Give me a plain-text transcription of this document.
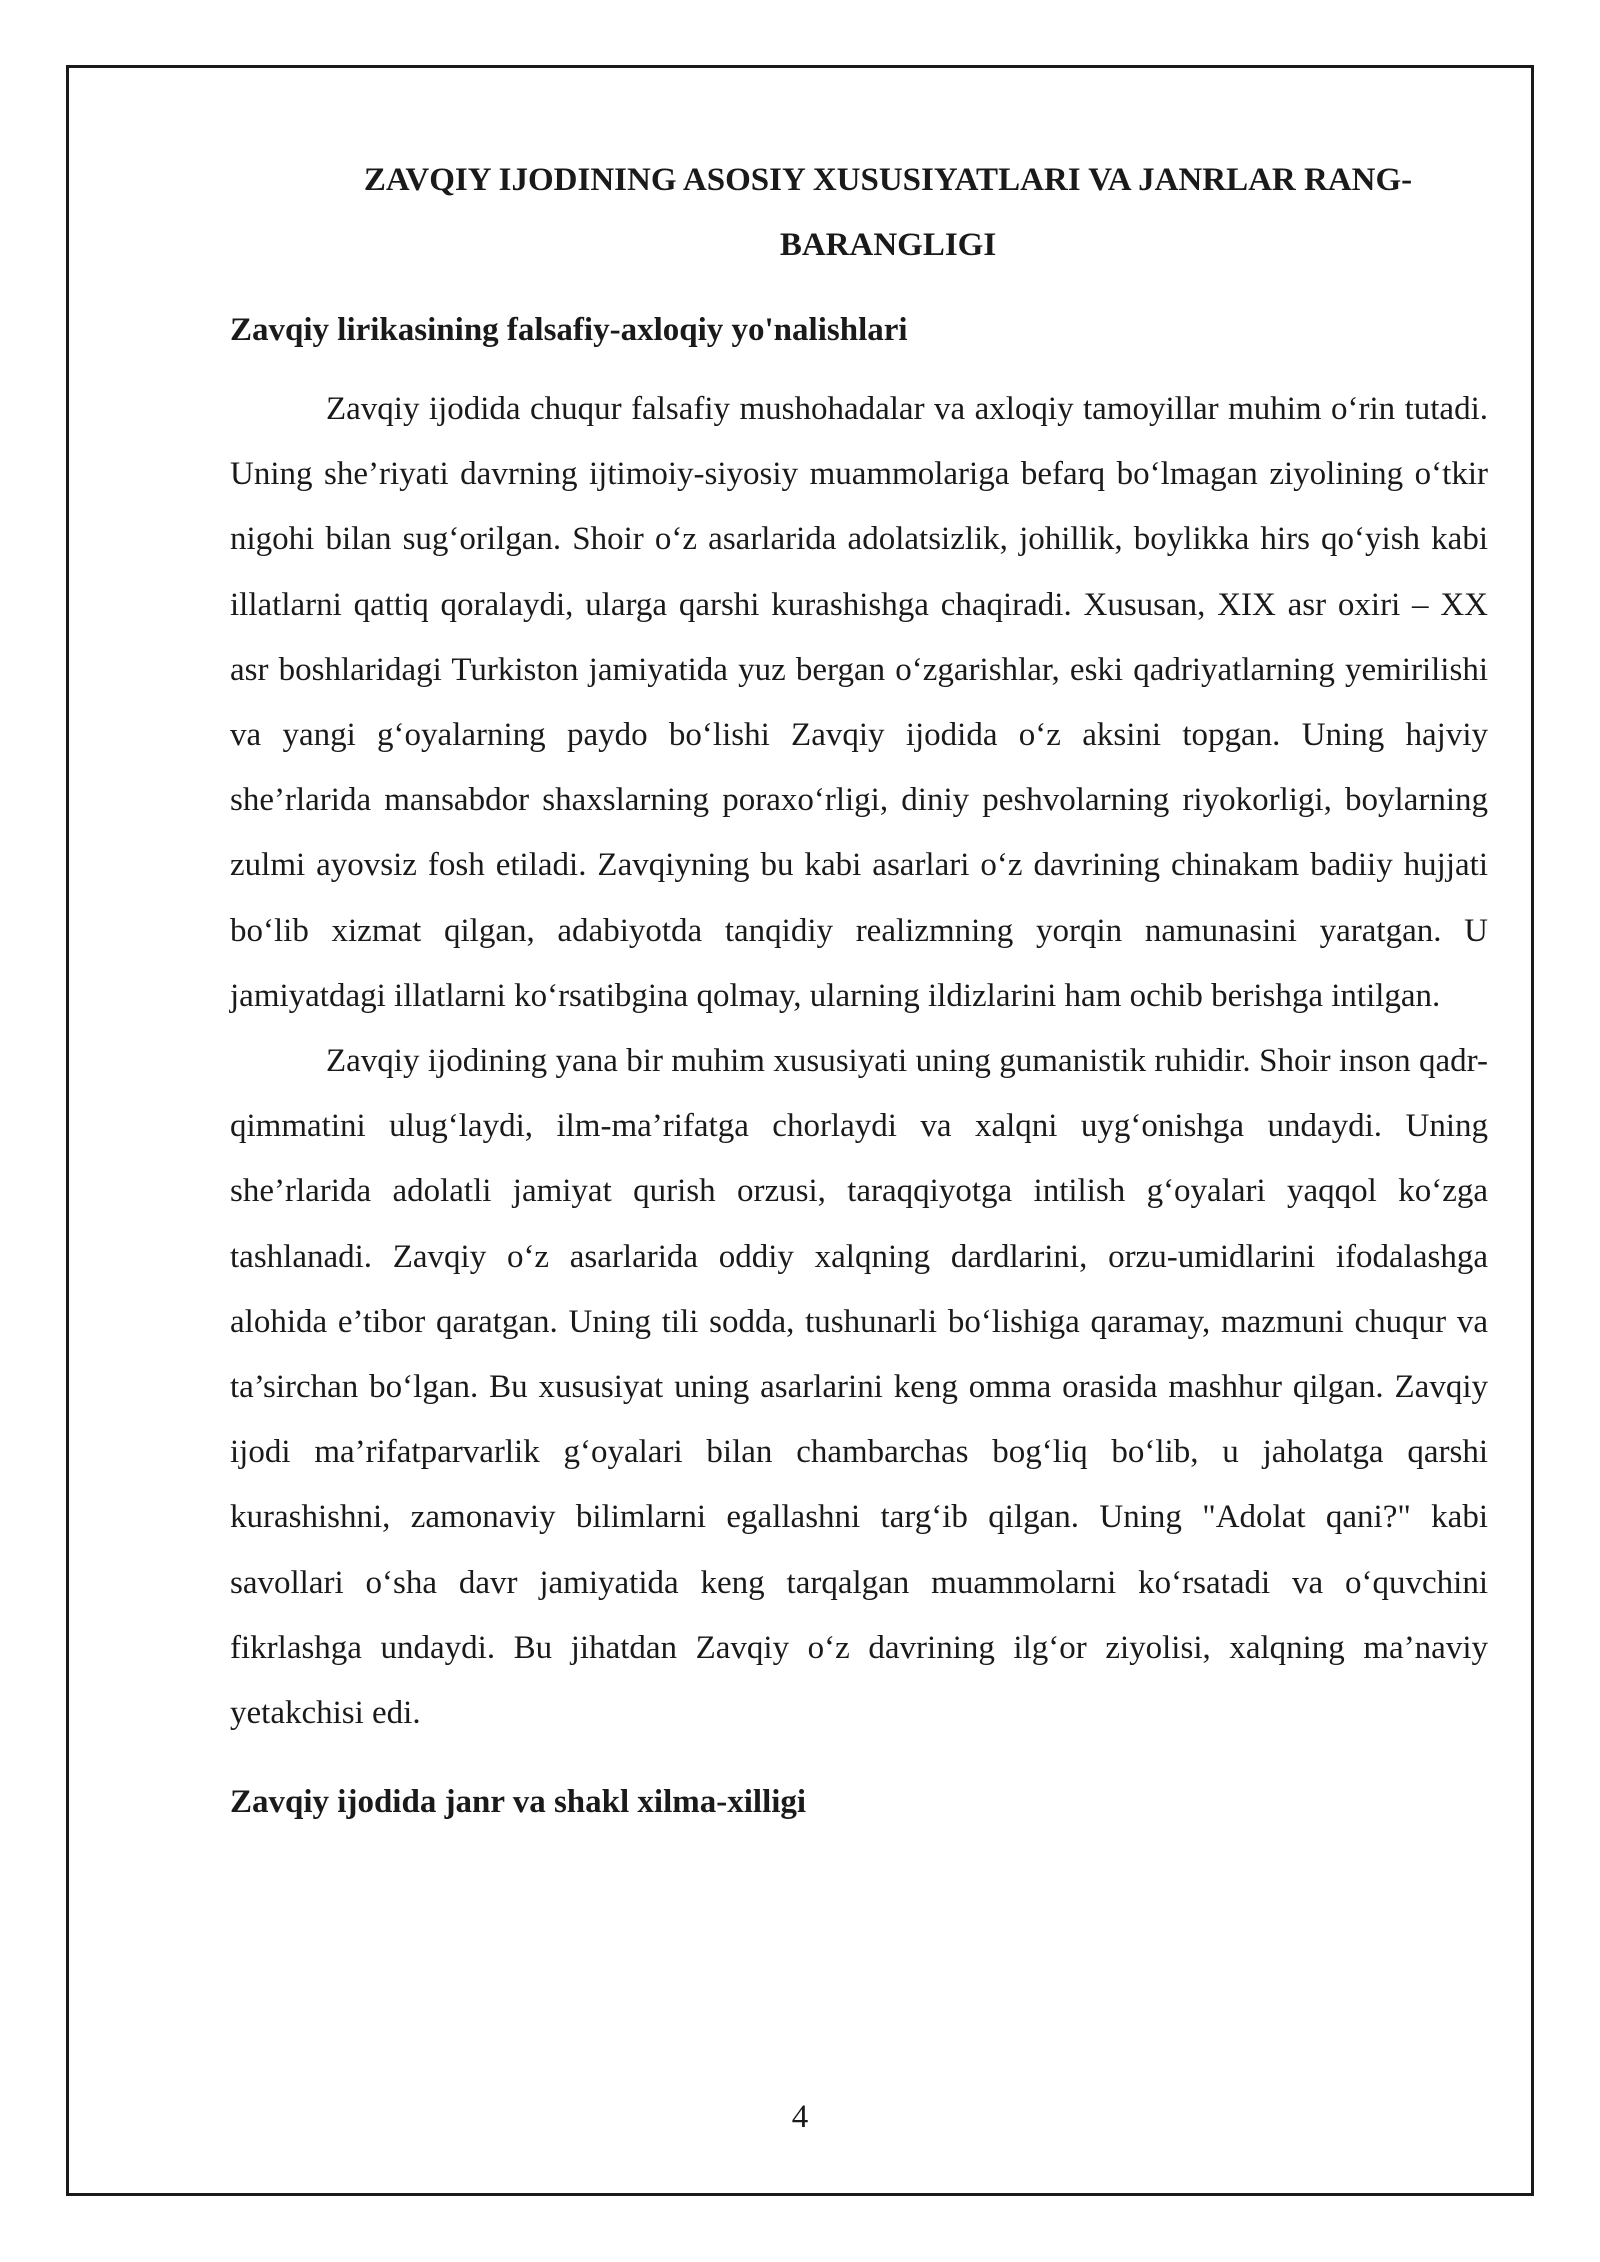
ZAVQIY IJODINING ASOSIY XUSUSIYATLARI VA JANRLAR RANG-BARANGLIGI
Zavqiy lirikasining falsafiy-axloqiy yo'nalishlari

Zavqiy ijodida chuqur falsafiy mushohadalar va axloqiy tamoyillar muhim o‘rin tutadi. Uning she’riyati davrning ijtimoiy-siyosiy muammolariga befarq bo‘lmagan ziyolining o‘tkir nigohi bilan sug‘orilgan. Shoir o‘z asarlarida adolatsizlik, johillik, boylikka hirs qo‘yish kabi illatlarni qattiq qoralaydi, ularga qarshi kurashishga chaqiradi. Xususan, XIX asr oxiri – XX asr boshlaridagi Turkiston jamiyatida yuz bergan o‘zgarishlar, eski qadriyatlarning yemirilishi va yangi g‘oyalarning paydo bo‘lishi Zavqiy ijodida o‘z aksini topgan. Uning hajviy she’rlarida mansabdor shaxslarning poraxo‘rligi, diniy peshvolarning riyokorligi, boylarning zulmi ayovsiz fosh etiladi. Zavqiyning bu kabi asarlari o‘z davrining chinakam badiiy hujjati bo‘lib xizmat qilgan, adabiyotda tanqidiy realizmning yorqin namunasini yaratgan. U jamiyatdagi illatlarni ko‘rsatibgina qolmay, ularning ildizlarini ham ochib berishga intilgan.

Zavqiy ijodining yana bir muhim xususiyati uning gumanistik ruhidir. Shoir inson qadr-qimmatini ulug‘laydi, ilm-ma’rifatga chorlaydi va xalqni uyg‘onishga undaydi. Uning she’rlarida adolatli jamiyat qurish orzusi, taraqqiyotga intilish g‘oyalari yaqqol ko‘zga tashlanadi. Zavqiy o‘z asarlarida oddiy xalqning dardlarini, orzu-umidlarini ifodalashga alohida e’tibor qaratgan. Uning tili sodda, tushunarli bo‘lishiga qaramay, mazmuni chuqur va ta’sirchan bo‘lgan. Bu xususiyat uning asarlarini keng omma orasida mashhur qilgan. Zavqiy ijodi ma’rifatparvarlik g‘oyalari bilan chambarchas bog‘liq bo‘lib, u jaholatga qarshi kurashishni, zamonaviy bilimlarni egallashni targ‘ib qilgan. Uning "Adolat qani?" kabi savollari o‘sha davr jamiyatida keng tarqalgan muammolarni ko‘rsatadi va o‘quvchini fikrlashga undaydi. Bu jihatdan Zavqiy o‘z davrining ilg‘or ziyolisi, xalqning ma’naviy yetakchisi edi.

Zavqiy ijodida janr va shakl xilma-xilligi

4
